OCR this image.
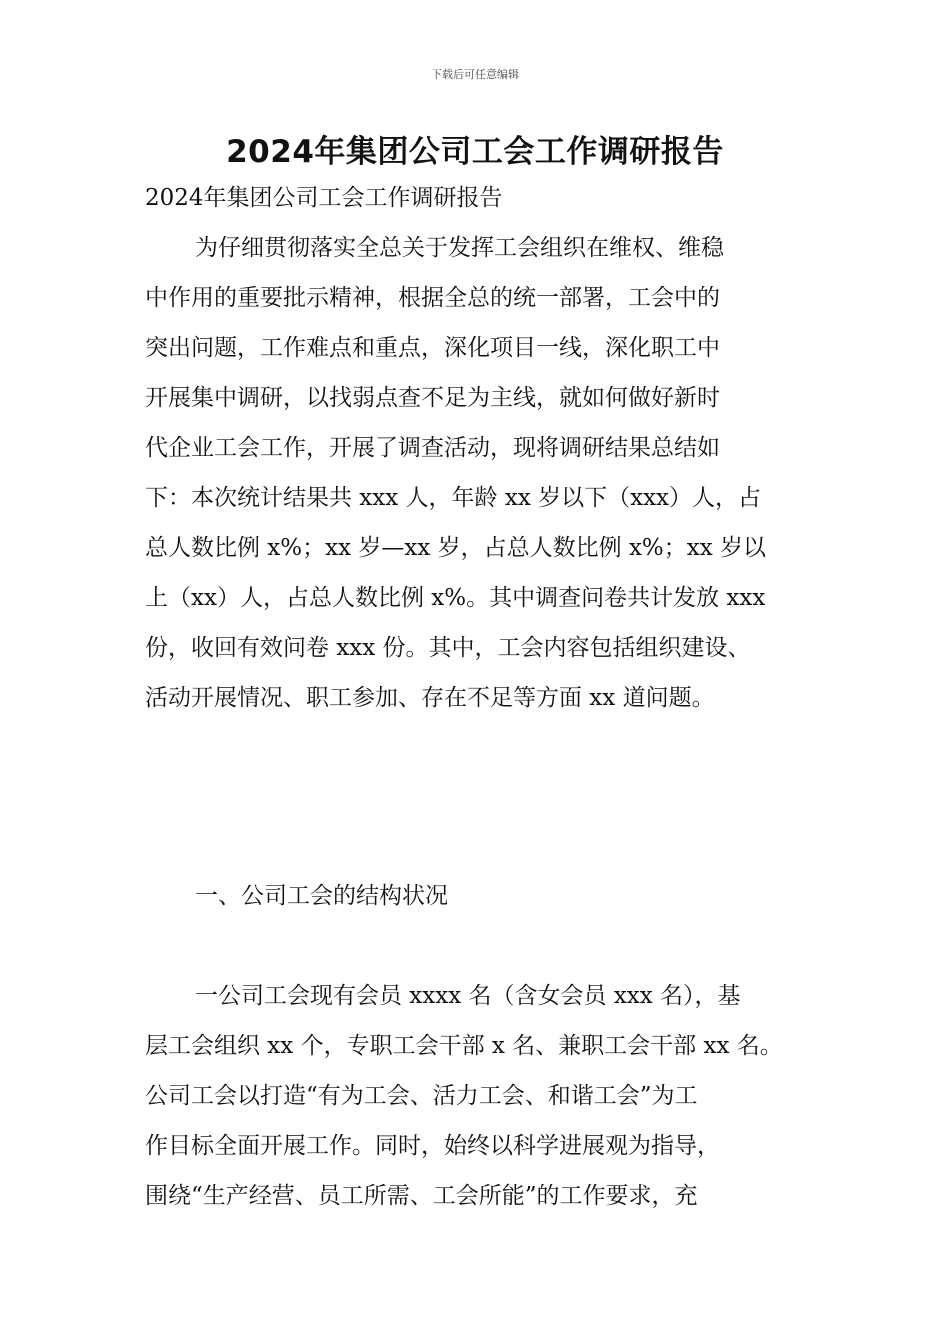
下载后可任意编辑
2024年集团公司工会工作调研报告
2024年集团公司工会工作调研报告
为仔细贯彻落实全总关于发挥工会组织在维权、维稳
中作用的重要批示精神，根据全总的统一部署，工会中的
突出问题，工作难点和重点，深化项目一线，深化职工中
开展集中调研，以找弱点查不足为主线，就如何做好新时
代企业工会工作，开展了调查活动，现将调研结果总结如
下：本次统计结果共 xxx 人，年龄 xx 岁以下（xxx）人，占
总人数比例 x%；xx 岁—xx 岁，占总人数比例 x%；xx 岁以
上（xx）人，占总人数比例 x%。其中调查问卷共计发放 xxx
份，收回有效问卷 xxx 份。其中，工会内容包括组织建设、
活动开展情况、职工参加、存在不足等方面 xx 道问题。
一、公司工会的结构状况
一公司工会现有会员 xxxx 名（含女会员 xxx 名），基
层工会组织 xx 个，专职工会干部 x 名、兼职工会干部 xx 名。
公司工会以打造“有为工会、活力工会、和谐工会”为工
作目标全面开展工作。同时，始终以科学进展观为指导，
围绕“生产经营、员工所需、工会所能”的工作要求，充
